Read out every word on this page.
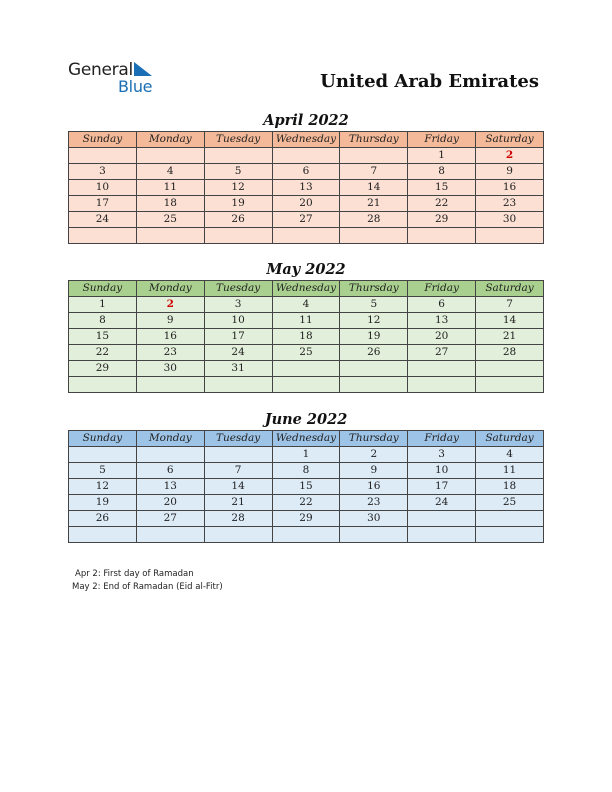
General
Blue	United Arab Emirates
April 2022
Sunday	Monday	Tuesday	Wednesday	Thursday	Friday	Saturday
					1	2
3	4	5	6	7	8	9
10	11	12	13	14	15	16
17	18	19	20	21	22	23
24	25	26	27	28	29	30

May 2022
Sunday	Monday	Tuesday	Wednesday	Thursday	Friday	Saturday
1	2	3	4	5	6	7
8	9	10	11	12	13	14
15	16	17	18	19	20	21
22	23	24	25	26	27	28
29	30	31				

June 2022
Sunday	Monday	Tuesday	Wednesday	Thursday	Friday	Saturday
			1	2	3	4
5	6	7	8	9	10	11
12	13	14	15	16	17	18
19	20	21	22	23	24	25
26	27	28	29	30		

Apr 2: First day of Ramadan
May 2: End of Ramadan (Eid al-Fitr)
